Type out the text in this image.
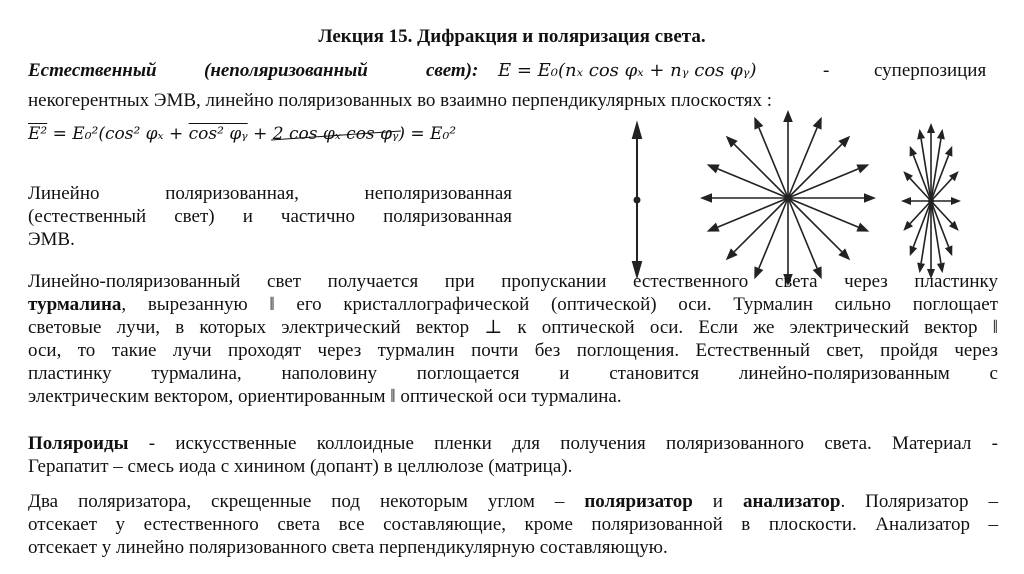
Лекция 15. Дифракция и поляризация света.
Естественный (неполяризованный	свет): E = E₀(nₓ cos φₓ + nᵧ cos φᵧ)	- суперпозиция
некогерентных ЭМВ, линейно поляризованных во взаимно перпендикулярных плоскостях :
E² = E₀²(cos² φₓ + cos² φᵧ + 2 cos φₓ cos φᵧ) = E₀²
Линейно поляризованная, неполяризованная
(естественный свет) и частично поляризованная
ЭМВ.
Линейно-поляризованный свет получается при пропускании естественного света через пластинку
турмалина, вырезанную ‖ его кристаллографической (оптической) оси. Турмалин сильно поглощает
световые лучи, в которых электрический вектор ⊥ к оптической оси. Если же электрический вектор ‖
оси, то такие лучи проходят через турмалин почти без поглощения. Естественный свет, пройдя через
пластинку турмалина, наполовину поглощается и становится линейно-поляризованным с
электрическим вектором, ориентированным ‖ оптической оси турмалина.
Поляроиды - искусственные коллоидные пленки для получения поляризованного света. Материал -
Герапатит – смесь иода с хинином (допант) в целлюлозе (матрица).
Два поляризатора, скрещенные под некоторым углом – поляризатор и анализатор. Поляризатор –
отсекает у естественного света все составляющие, кроме поляризованной в плоскости. Анализатор –
отсекает у линейно поляризованного света перпендикулярную составляющую.
